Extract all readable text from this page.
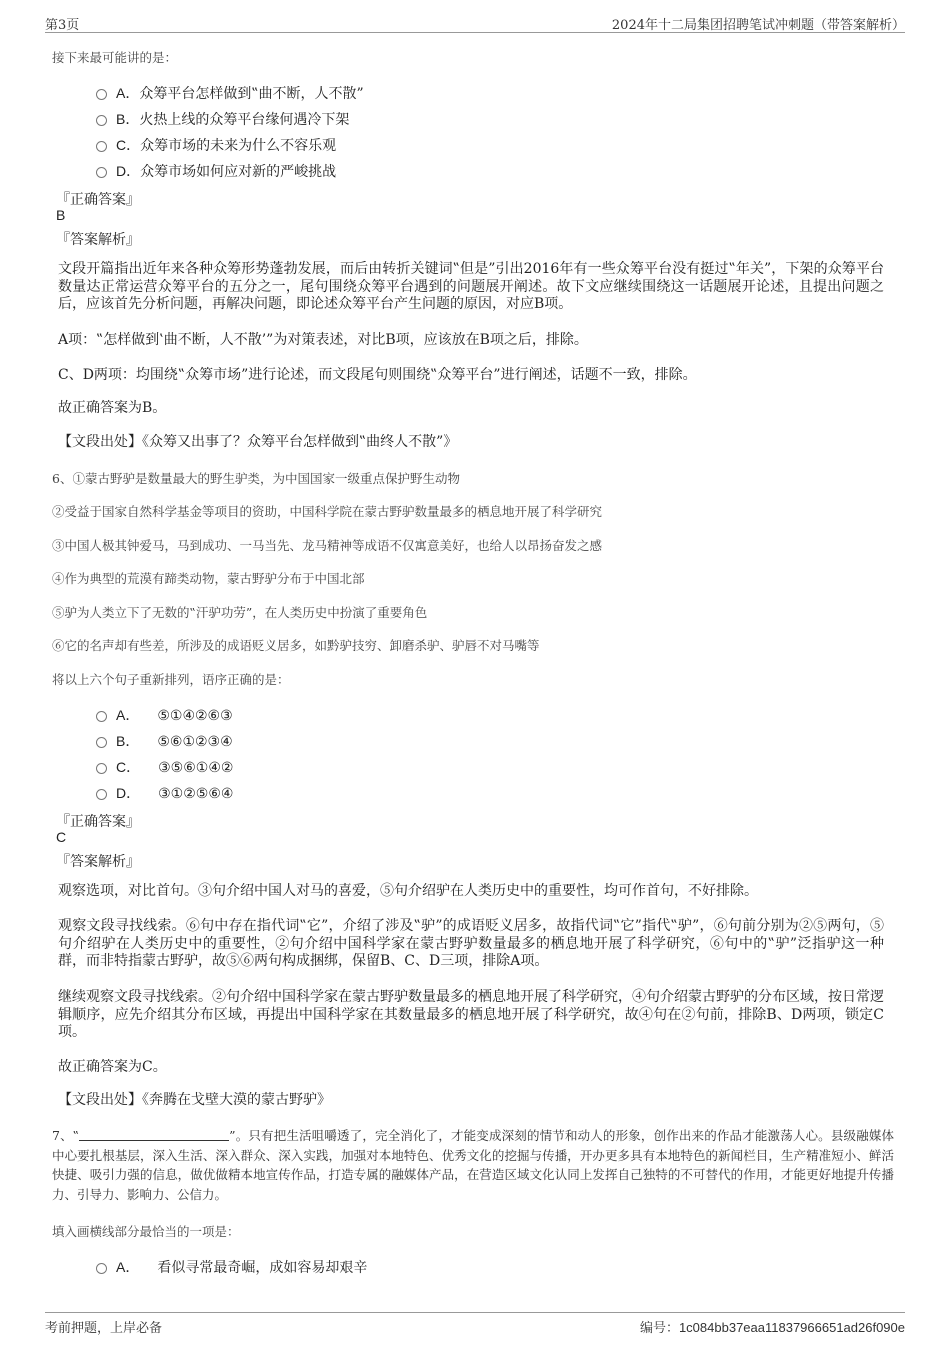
第3页	2024年十二局集团招聘笔试冲刺题（带答案解析）
接下来最可能讲的是：
A．众筹平台怎样做到‟曲不断，人不散”
B．火热上线的众筹平台缘何遇冷下架
C．众筹市场的未来为什么不容乐观
D．众筹市场如何应对新的严峻挑战
『正确答案』
B
『答案解析』
文段开篇指出近年来各种众筹形势蓬勃发展，而后由转折关键词‟但是”引出2016年有一些众筹平台没有挺过‟年关”，下架的众筹平台数量达正常运营众筹平台的五分之一，尾句围绕众筹平台遇到的问题展开阐述。故下文应继续围绕这一话题展开论述，且提出问题之后，应该首先分析问题，再解决问题，即论述众筹平台产生问题的原因，对应B项。
A项：‟怎样做到‛曲不断，人不散’”为对策表述，对比B项，应该放在B项之后，排除。
C、D两项：均围绕‟众筹市场”进行论述，而文段尾句则围绕‟众筹平台”进行阐述，话题不一致，排除。
故正确答案为B。
【文段出处】《众筹又出事了？众筹平台怎样做到‟曲终人不散”》
6、①蒙古野驴是数量最大的野生驴类，为中国国家一级重点保护野生动物
②受益于国家自然科学基金等项目的资助，中国科学院在蒙古野驴数量最多的栖息地开展了科学研究
③中国人极其钟爱马，马到成功、一马当先、龙马精神等成语不仅寓意美好，也给人以昂扬奋发之感
④作为典型的荒漠有蹄类动物，蒙古野驴分布于中国北部
⑤驴为人类立下了无数的‟汗驴功劳”，在人类历史中扮演了重要角色
⑥它的名声却有些差，所涉及的成语贬义居多，如黔驴技穷、卸磨杀驴、驴唇不对马嘴等
将以上六个句子重新排列，语序正确的是：
A． ⑤①④②⑥③
B． ⑤⑥①②③④
C． ③⑤⑥①④②
D． ③①②⑤⑥④
『正确答案』
C
『答案解析』
观察选项，对比首句。③句介绍中国人对马的喜爱，⑤句介绍驴在人类历史中的重要性，均可作首句，不好排除。
观察文段寻找线索。⑥句中存在指代词‟它”，介绍了涉及‟驴”的成语贬义居多，故指代词‟它”指代‟驴”，⑥句前分别为②⑤两句，⑤句介绍驴在人类历史中的重要性，②句介绍中国科学家在蒙古野驴数量最多的栖息地开展了科学研究，⑥句中的‟驴”泛指驴这一种群，而非特指蒙古野驴，故⑤⑥两句构成捆绑，保留B、C、D三项，排除A项。
继续观察文段寻找线索。②句介绍中国科学家在蒙古野驴数量最多的栖息地开展了科学研究，④句介绍蒙古野驴的分布区域，按日常逻辑顺序，应先介绍其分布区域，再提出中国科学家在其数量最多的栖息地开展了科学研究，故④句在②句前，排除B、D两项，锁定C项。
故正确答案为C。
【文段出处】《奔腾在戈壁大漠的蒙古野驴》
7、‟	”。只有把生活咀嚼透了，完全消化了，才能变成深刻的情节和动人的形象，创作出来的作品才能激荡人心。县级融媒体中心要扎根基层，深入生活、深入群众、深入实践，加强对本地特色、优秀文化的挖掘与传播，开办更多具有本地特色的新闻栏目，生产精准短小、鲜活快捷、吸引力强的信息，做优做精本地宣传作品，打造专属的融媒体产品，在营造区域文化认同上发挥自己独特的不可替代的作用，才能更好地提升传播力、引导力、影响力、公信力。
填入画横线部分最恰当的一项是：
A． 看似寻常最奇崛，成如容易却艰辛
考前押题，上岸必备	编号：1c084bb37eaa11837966651ad26f090e
